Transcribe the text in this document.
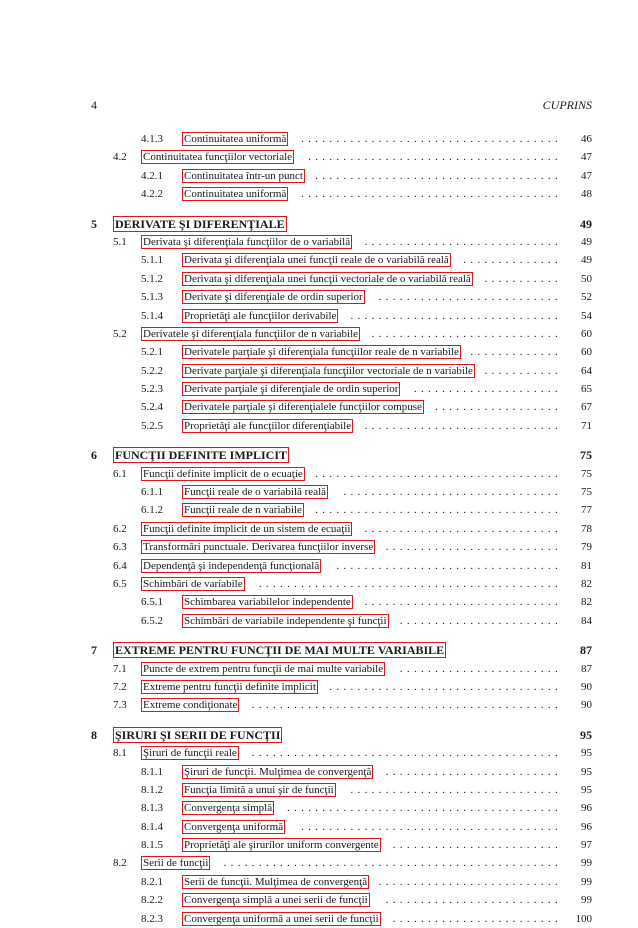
4	CUPRINS
4.1.3 Continuitatea uniformă	46
.....................................
4.2 Continuitatea funcţiilor vectoriale	47
....................................
4.2.1 Continuitatea într-un punct	47
...................................
4.2.2 Continuitatea uniformă	48
.....................................
5 DERIVATE ŞI DIFERENŢIALE	49
5.1 Derivata şi diferenţiala funcţiilor de o variabilă	49
............................
5.1.1 Derivata şi diferenţiala unei funcţii reale de o variabilă reală	49
..............
5.1.2 Derivata şi diferenţiala unei funcţii vectoriale de o variabilă reală	50
...........
5.1.3 Derivate şi diferenţiale de ordin superior	52
..........................
5.1.4 Proprietăţi ale funcţiilor derivabile	54
..............................
5.2 Derivatele şi diferenţiala funcţiilor de n variabile	60
...........................
5.2.1 Derivatele parţiale şi diferenţiala funcţiilor reale de n variabile	60
.............
5.2.2 Derivate parţiale şi diferenţiala funcţiilor vectoriale de n variabile	64
...........
5.2.3 Derivate parţiale şi diferenţiale de ordin superior	65
.....................
5.2.4 Derivatele parţiale şi diferenţialele funcţiilor compuse	67
..................
5.2.5 Proprietăţi ale funcţiilor diferenţiabile	71
............................
6 FUNCŢII DEFINITE IMPLICIT	75
6.1 Funcţii definite implicit de o ecuaţie	75
...................................
6.1.1 Funcţii reale de o variabilă reală	75
...............................
6.1.2 Funcţii reale de n variabile	77
...................................
6.2 Funcţii definite implicit de un sistem de ecuaţii	78
............................
6.3 Transformări punctuale. Derivarea funcţiilor inverse	79
.........................
6.4 Dependenţă şi independenţă funcţională	81
................................
6.5 Schimbări de variabile	82
...........................................
6.5.1 Schimbarea variabilelor independente	82
............................
6.5.2 Schimbări de variabile independente şi funcţii	84
.......................
7 EXTREME PENTRU FUNCŢII DE MAI MULTE VARIABILE	87
7.1 Puncte de extrem pentru funcţii de mai multe variabile	87
.......................
7.2 Extreme pentru funcţii definite implicit	90
.................................
7.3 Extreme condiţionate	90
............................................
8 ŞIRURI ŞI SERII DE FUNCŢII	95
8.1 Şiruri de funcţii reale	95
............................................
8.1.1 Şiruri de funcţii. Mulţimea de convergenţă	95
.........................
8.1.2 Funcţia limită a unui şir de funcţii	95
..............................
8.1.3 Convergenţa simplă	96
.......................................
8.1.4 Convergenţa uniformă	96
.....................................
8.1.5 Proprietăţi ale şirurilor uniform convergente	97
........................
8.2 Serii de funcţii	99
................................................
8.2.1 Serii de funcţii. Mulţimea de convergenţă	99
..........................
8.2.2 Convergenţa simplă a unei serii de funcţii	99
.........................
8.2.3 Convergenţa uniformă a unei serii de funcţii	100
........................
